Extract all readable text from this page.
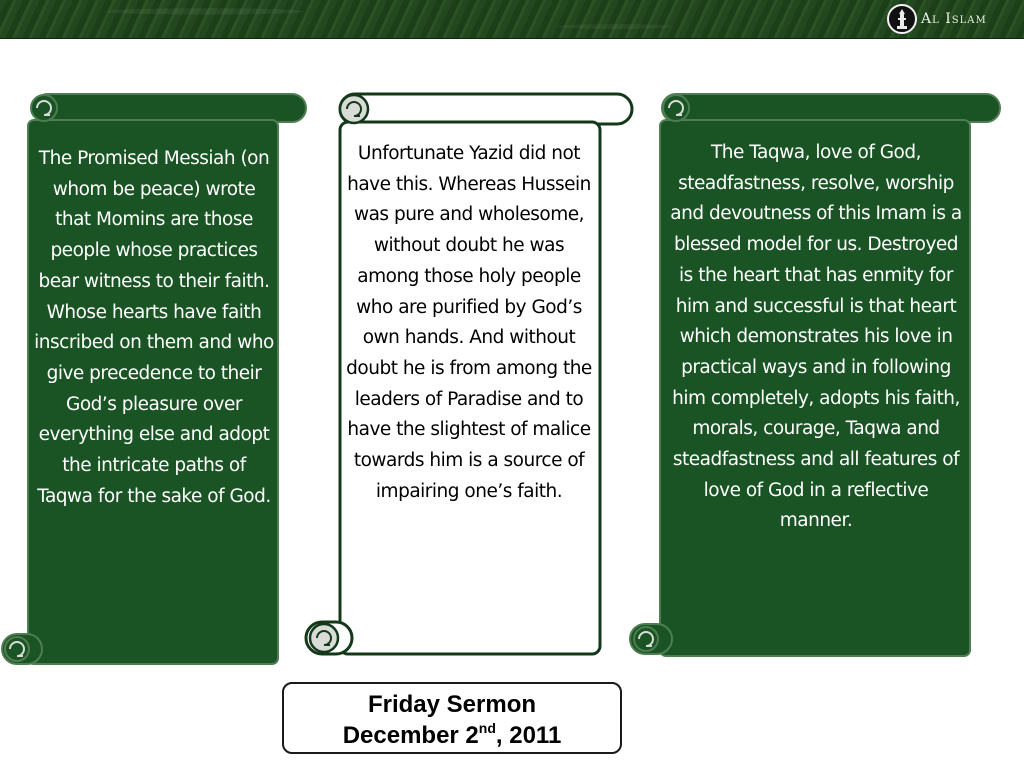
Al Islam
The Promised Messiah (on whom be peace) wrote that Momins are those people whose practices bear witness to their faith. Whose hearts have faith inscribed on them and who give precedence to their God’s pleasure over everything else and adopt the intricate paths of Taqwa for the sake of God.
Unfortunate Yazid did not have this. Whereas Hussein was pure and wholesome, without doubt he was among those holy people who are purified by God’s own hands. And without doubt he is from among the leaders of Paradise and to have the slightest of malice towards him is a source of impairing one’s faith.
The Taqwa, love of God, steadfastness, resolve, worship and devoutness of this Imam is a blessed model for us. Destroyed is the heart that has enmity for him and successful is that heart which demonstrates his love in practical ways and in following him completely, adopts his faith, morals, courage, Taqwa and steadfastness and all features of love of God in a reflective manner.
Friday Sermon
December 2nd, 2011
